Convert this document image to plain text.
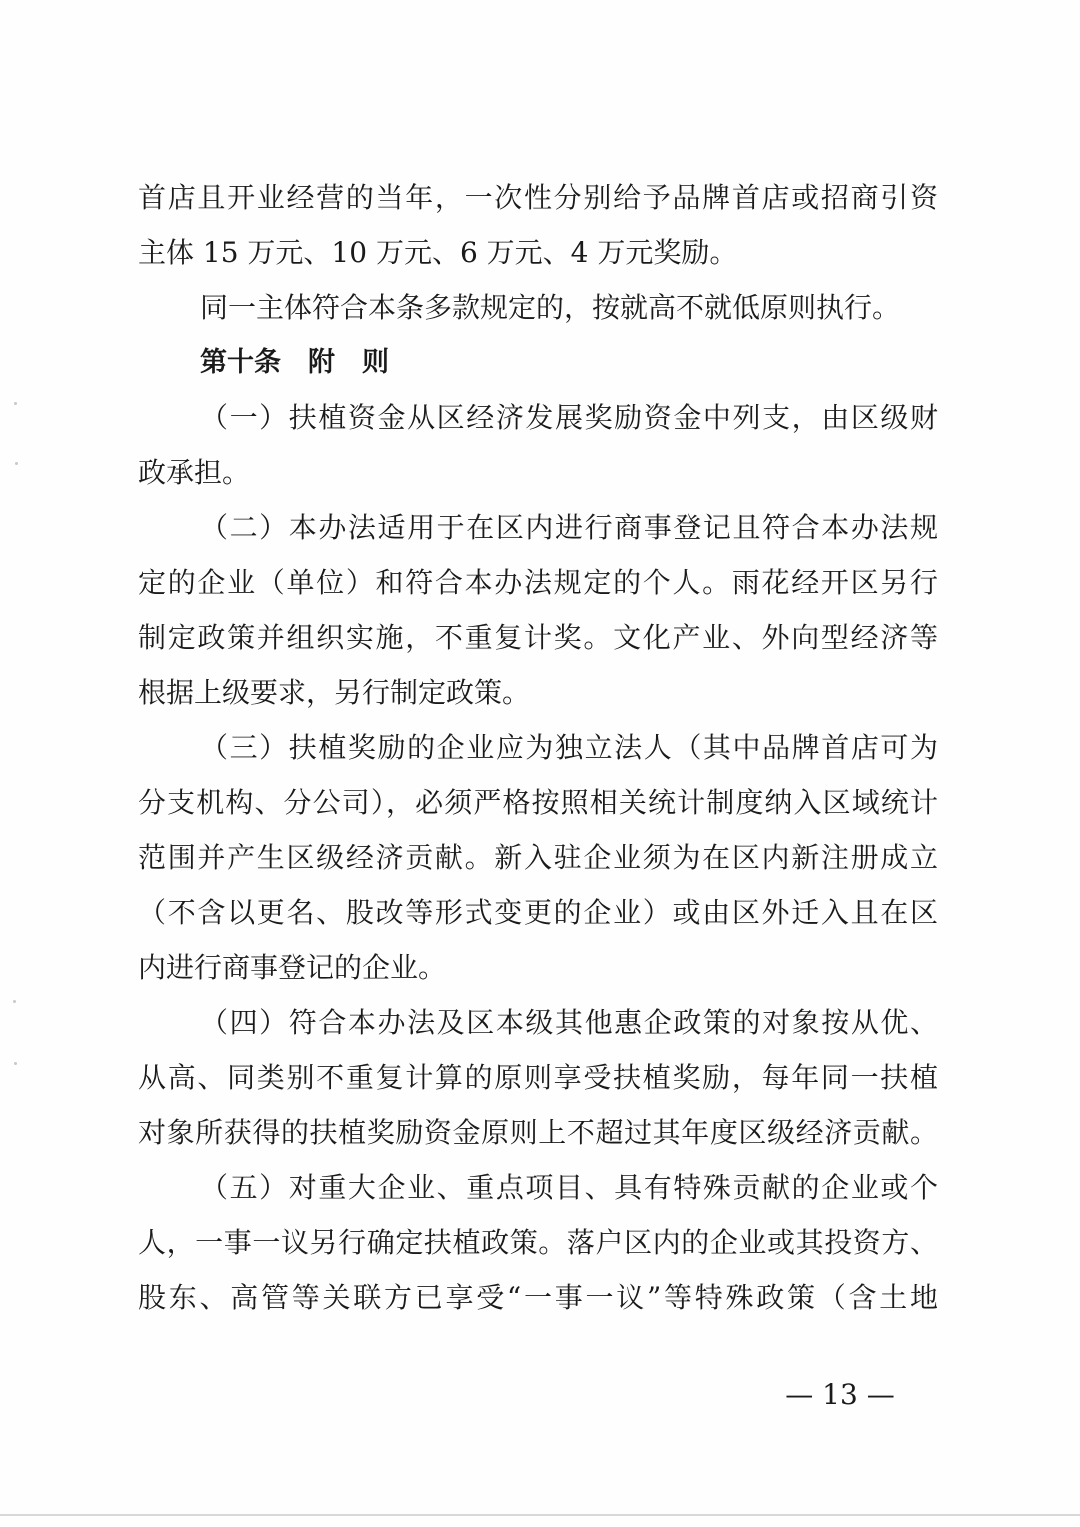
首店且开业经营的当年，一次性分别给予品牌首店或招商引资
主体 15 万元、10 万元、6 万元、4 万元奖励。
同一主体符合本条多款规定的，按就高不就低原则执行。
第十条　附　则
（一）扶植资金从区经济发展奖励资金中列支，由区级财
政承担。
（二）本办法适用于在区内进行商事登记且符合本办法规
定的企业（单位）和符合本办法规定的个人。雨花经开区另行
制定政策并组织实施，不重复计奖。文化产业、外向型经济等
根据上级要求，另行制定政策。
（三）扶植奖励的企业应为独立法人（其中品牌首店可为
分支机构、分公司），必须严格按照相关统计制度纳入区域统计
范围并产生区级经济贡献。新入驻企业须为在区内新注册成立
（不含以更名、股改等形式变更的企业）或由区外迁入且在区
内进行商事登记的企业。
（四）符合本办法及区本级其他惠企政策的对象按从优、
从高、同类别不重复计算的原则享受扶植奖励，每年同一扶植
对象所获得的扶植奖励资金原则上不超过其年度区级经济贡献。
（五）对重大企业、重点项目、具有特殊贡献的企业或个
人，一事一议另行确定扶植政策。落户区内的企业或其投资方、
股东、高管等关联方已享受“一事一议”等特殊政策（含土地
— 13 —
